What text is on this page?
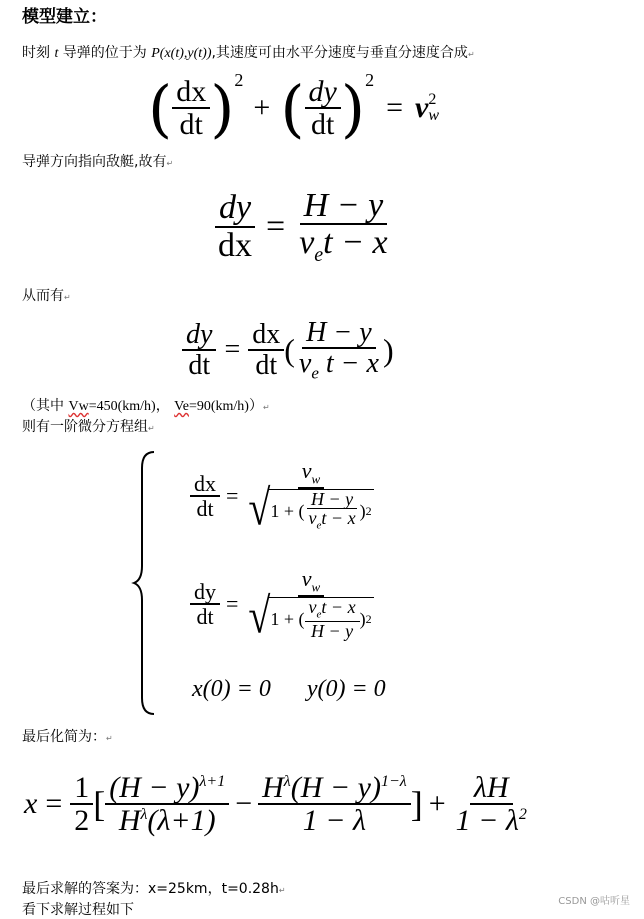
模型建立：
时刻 t 导弹的位于为 P(x(t),y(t)),其速度可由水平分速度与垂直分速度合成↵
( $\frac{dx}{dt}$ ) 2
+ ( $\frac{dy}{dt}$ ) 2
= v 2
w
导弹方向指向敌艇,故有↵
$\frac{dy}{dx} = \frac{H - y}{v_et - x}$
从而有↵
$\frac{dy}{dt} = \frac{dx}{dt}$ ( $\frac{H - y}{v_e t - x}$ )
（其中 Vw=450(km/h)， Ve=90(km/h)）↵
则有一阶微分方程组↵
$\frac{dx}{dt}$ =
$v_w$
√ 1 + ( $\frac{H - y}{v_et - x}$ ) 2
$\frac{dy}{dt}$ =
$v_w$
√ 1 + ( $\frac{v_et - x}{H - y}$ ) 2
x(0) = 0      y(0) = 0
最后化简为：↵
$x = \frac{1}{2}$ [ $\frac{(H - y)^{\lambda+1}}{H^\lambda(\lambda+1)} - \frac{H^\lambda(H - y)^{1-\lambda}}{1 - \lambda}$ ] + $\frac{\lambda H}{1 - \lambda^2}$
最后求解的答案为：x=25km，t=0.28h↵
看下求解过程如下
CSDN @咕听星
